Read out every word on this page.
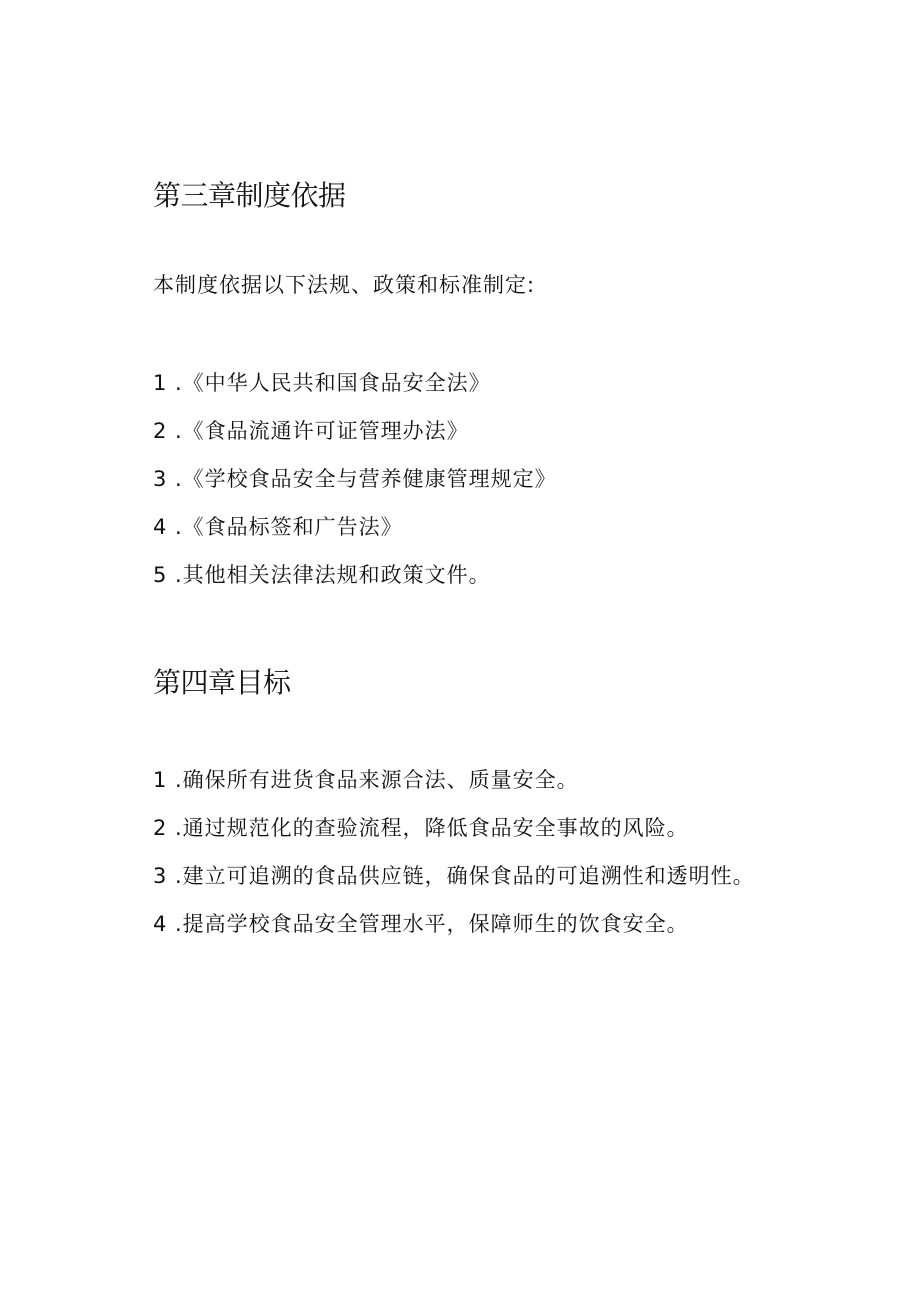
第三章制度依据

本制度依据以下法规、政策和标准制定:

1 .《中华人民共和国食品安全法》
2.《食品流通许可证管理办法》
3.《学校食品安全与营养健康管理规定》
4.《食品标签和广告法》
5.其他相关法律法规和政策文件。
第四章目标
1 .确保所有进货食品来源合法、质量安全。
2.通过规范化的查验流程，降低食品安全事故的风险。
3.建立可追溯的食品供应链，确保食品的可追溯性和透明性。
4.提高学校食品安全管理水平，保障师生的饮食安全。
